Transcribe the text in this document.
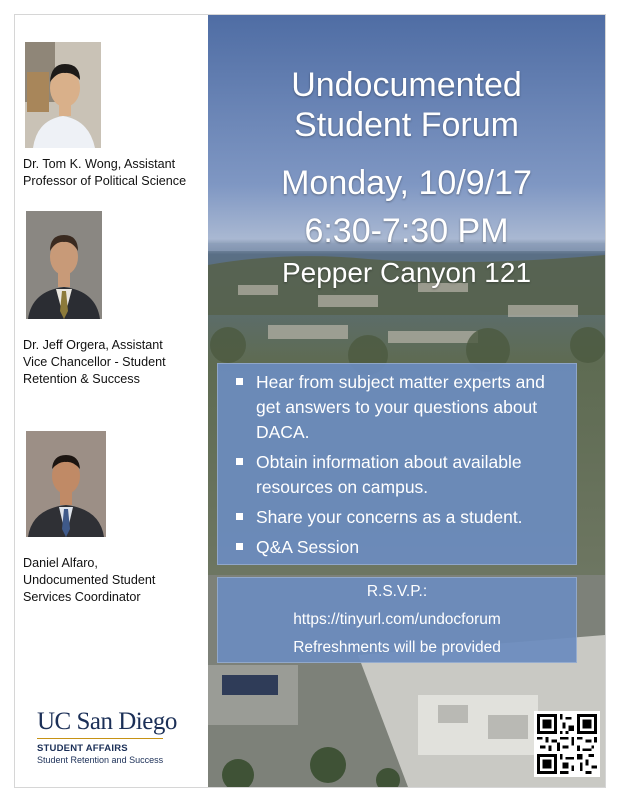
Dr. Tom K. Wong, Assistant
Professor of Political Science
Dr. Jeff Orgera, Assistant
Vice Chancellor - Student
Retention & Success
Daniel Alfaro,
Undocumented Student
Services Coordinator
UC San Diego
STUDENT AFFAIRS
Student Retention and Success
Undocumented
Student Forum
Monday, 10/9/17
6:30-7:30 PM
Pepper Canyon 121
Hear from subject matter experts and get answers to your questions about DACA.
Obtain information about available resources on campus.
Share your concerns as a student.
Q&A Session
R.S.V.P.:
https://tinyurl.com/undocforum
Refreshments will be provided
